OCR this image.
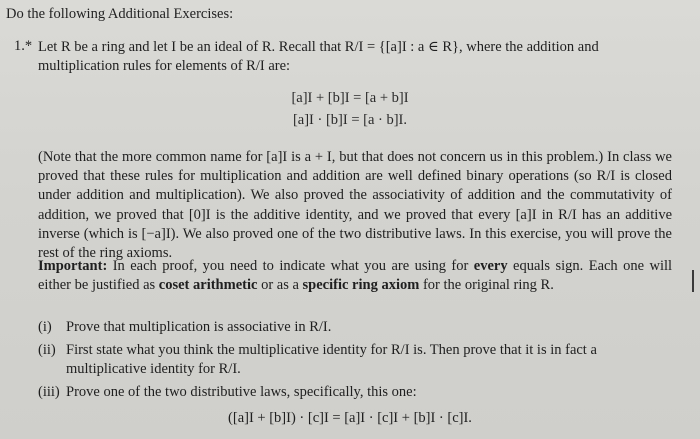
Do the following Additional Exercises:
1.* Let R be a ring and let I be an ideal of R. Recall that R/I = {[a]I : a ∈ R}, where the addition and multiplication rules for elements of R/I are:
[a]I + [b]I = [a + b]I
[a]I · [b]I = [a · b]I.
(Note that the more common name for [a]I is a + I, but that does not concern us in this problem.) In class we proved that these rules for multiplication and addition are well defined binary operations (so R/I is closed under addition and multiplication). We also proved the associativity of addition and the commutativity of addition, we proved that [0]I is the additive identity, and we proved that every [a]I in R/I has an additive inverse (which is [−a]I). We also proved one of the two distributive laws. In this exercise, you will prove the rest of the ring axioms.
Important: In each proof, you need to indicate what you are using for every equals sign. Each one will either be justified as coset arithmetic or as a specific ring axiom for the original ring R.
(i) Prove that multiplication is associative in R/I.
(ii) First state what you think the multiplicative identity for R/I is. Then prove that it is in fact a multiplicative identity for R/I.
(iii) Prove one of the two distributive laws, specifically, this one:
([a]I + [b]I) · [c]I = [a]I · [c]I + [b]I · [c]I.
